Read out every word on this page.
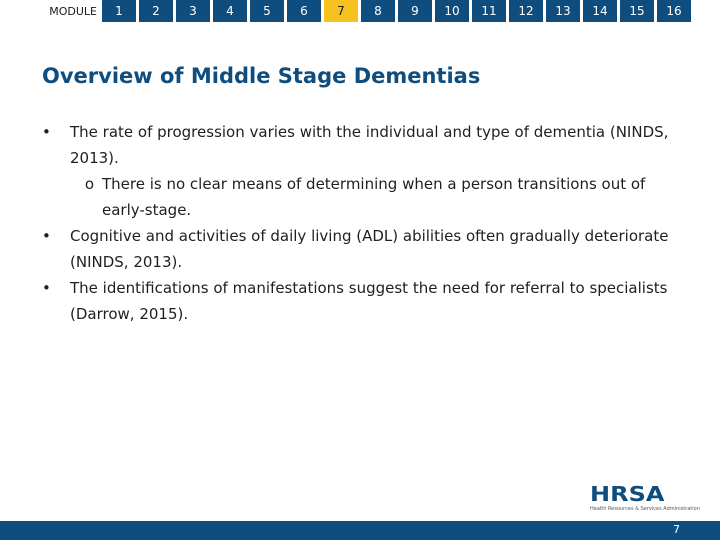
MODULE	1	2	3	4	5	6	7	8	9	10	11	12	13	14	15	16
Overview of Middle Stage Dementias
•	The rate of progression varies with the individual and type of dementia (NINDS, 2013).
o There is no clear means of determining when a person transitions out of early-stage.
•	Cognitive and activities of daily living (ADL) abilities often gradually deteriorate (NINDS, 2013).
•	The identifications of manifestations suggest the need for referral to specialists (Darrow, 2015).
HRSA
Health Resources & Services Administration
7
